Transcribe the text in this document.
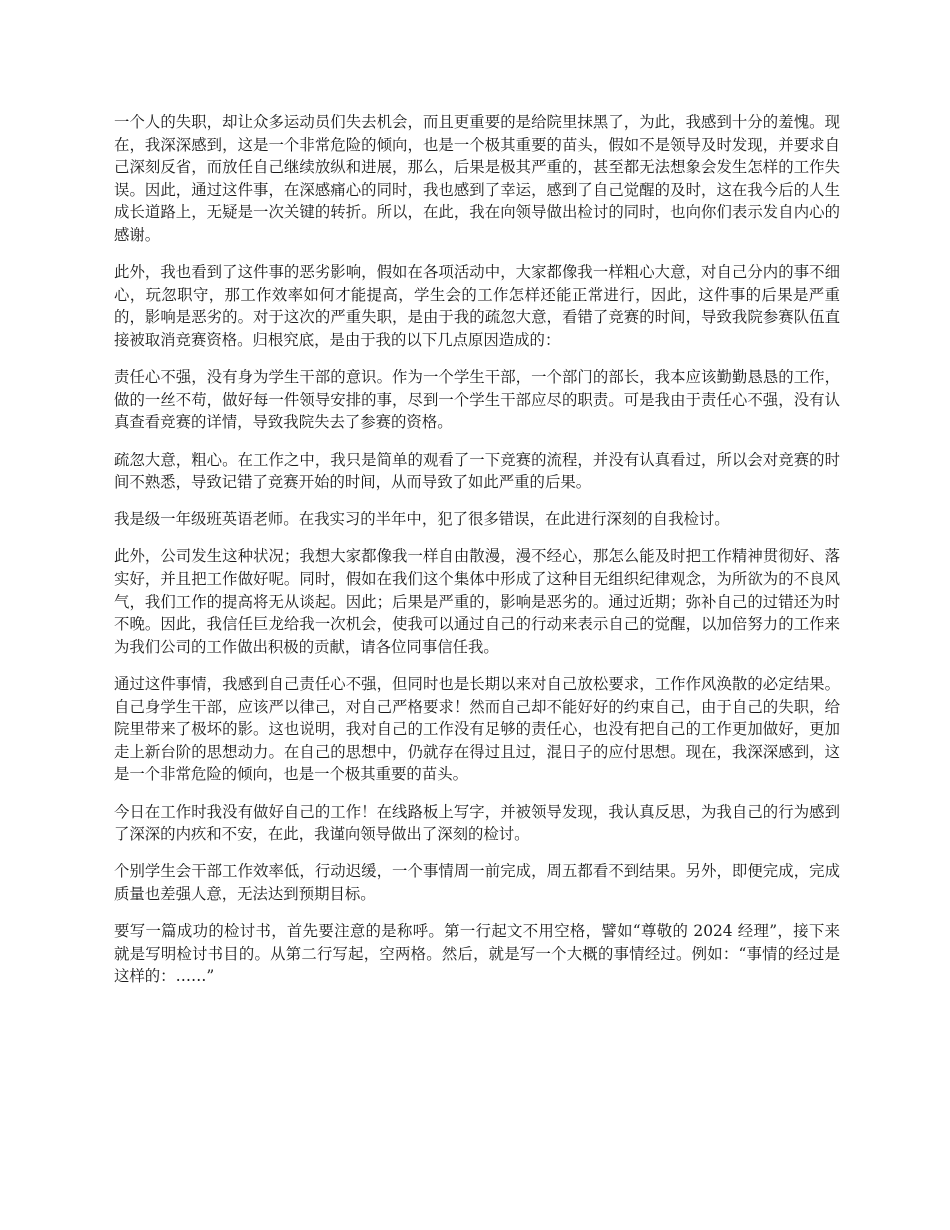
一个人的失职，却让众多运动员们失去机会，而且更重要的是给院里抹黑了，为此，我感到十分的羞愧。现在，我深深感到，这是一个非常危险的倾向，也是一个极其重要的苗头，假如不是领导及时发现，并要求自己深刻反省，而放任自己继续放纵和进展，那么，后果是极其严重的，甚至都无法想象会发生怎样的工作失误。因此，通过这件事，在深感痛心的同时，我也感到了幸运，感到了自己觉醒的及时，这在我今后的人生成长道路上，无疑是一次关键的转折。所以，在此，我在向领导做出检讨的同时，也向你们表示发自内心的感谢。

此外，我也看到了这件事的恶劣影响，假如在各项活动中，大家都像我一样粗心大意，对自己分内的事不细心，玩忽职守，那工作效率如何才能提高，学生会的工作怎样还能正常进行，因此，这件事的后果是严重的，影响是恶劣的。对于这次的严重失职，是由于我的疏忽大意，看错了竞赛的时间，导致我院参赛队伍直接被取消竞赛资格。归根究底，是由于我的以下几点原因造成的：

责任心不强，没有身为学生干部的意识。作为一个学生干部，一个部门的部长，我本应该勤勤恳恳的工作，做的一丝不苟，做好每一件领导安排的事，尽到一个学生干部应尽的职责。可是我由于责任心不强，没有认真查看竞赛的详情，导致我院失去了参赛的资格。

疏忽大意，粗心。在工作之中，我只是简单的观看了一下竞赛的流程，并没有认真看过，所以会对竞赛的时间不熟悉，导致记错了竞赛开始的时间，从而导致了如此严重的后果。

我是级一年级班英语老师。在我实习的半年中，犯了很多错误，在此进行深刻的自我检讨。

此外，公司发生这种状况；我想大家都像我一样自由散漫，漫不经心，那怎么能及时把工作精神贯彻好、落实好，并且把工作做好呢。同时，假如在我们这个集体中形成了这种目无组织纪律观念，为所欲为的不良风气，我们工作的提高将无从谈起。因此；后果是严重的，影响是恶劣的。通过近期；弥补自己的过错还为时不晚。因此，我信任巨龙给我一次机会，使我可以通过自己的行动来表示自己的觉醒，以加倍努力的工作来为我们公司的工作做出积极的贡献，请各位同事信任我。

通过这件事情，我感到自己责任心不强，但同时也是长期以来对自己放松要求，工作作风涣散的必定结果。自己身学生干部，应该严以律己，对自己严格要求！然而自己却不能好好的约束自己，由于自己的失职，给院里带来了极坏的影。这也说明，我对自己的工作没有足够的责任心，也没有把自己的工作更加做好，更加走上新台阶的思想动力。在自己的思想中，仍就存在得过且过，混日子的应付思想。现在，我深深感到，这是一个非常危险的倾向，也是一个极其重要的苗头。

今日在工作时我没有做好自己的工作！在线路板上写字，并被领导发现，我认真反思，为我自己的行为感到了深深的内疚和不安，在此，我谨向领导做出了深刻的检讨。

个别学生会干部工作效率低，行动迟缓，一个事情周一前完成，周五都看不到结果。另外，即便完成，完成质量也差强人意，无法达到预期目标。

要写一篇成功的检讨书，首先要注意的是称呼。第一行起文不用空格，譬如“尊敬的 2024 经理”，接下来就是写明检讨书目的。从第二行写起，空两格。然后，就是写一个大概的事情经过。例如：“事情的经过是这样的：……”
